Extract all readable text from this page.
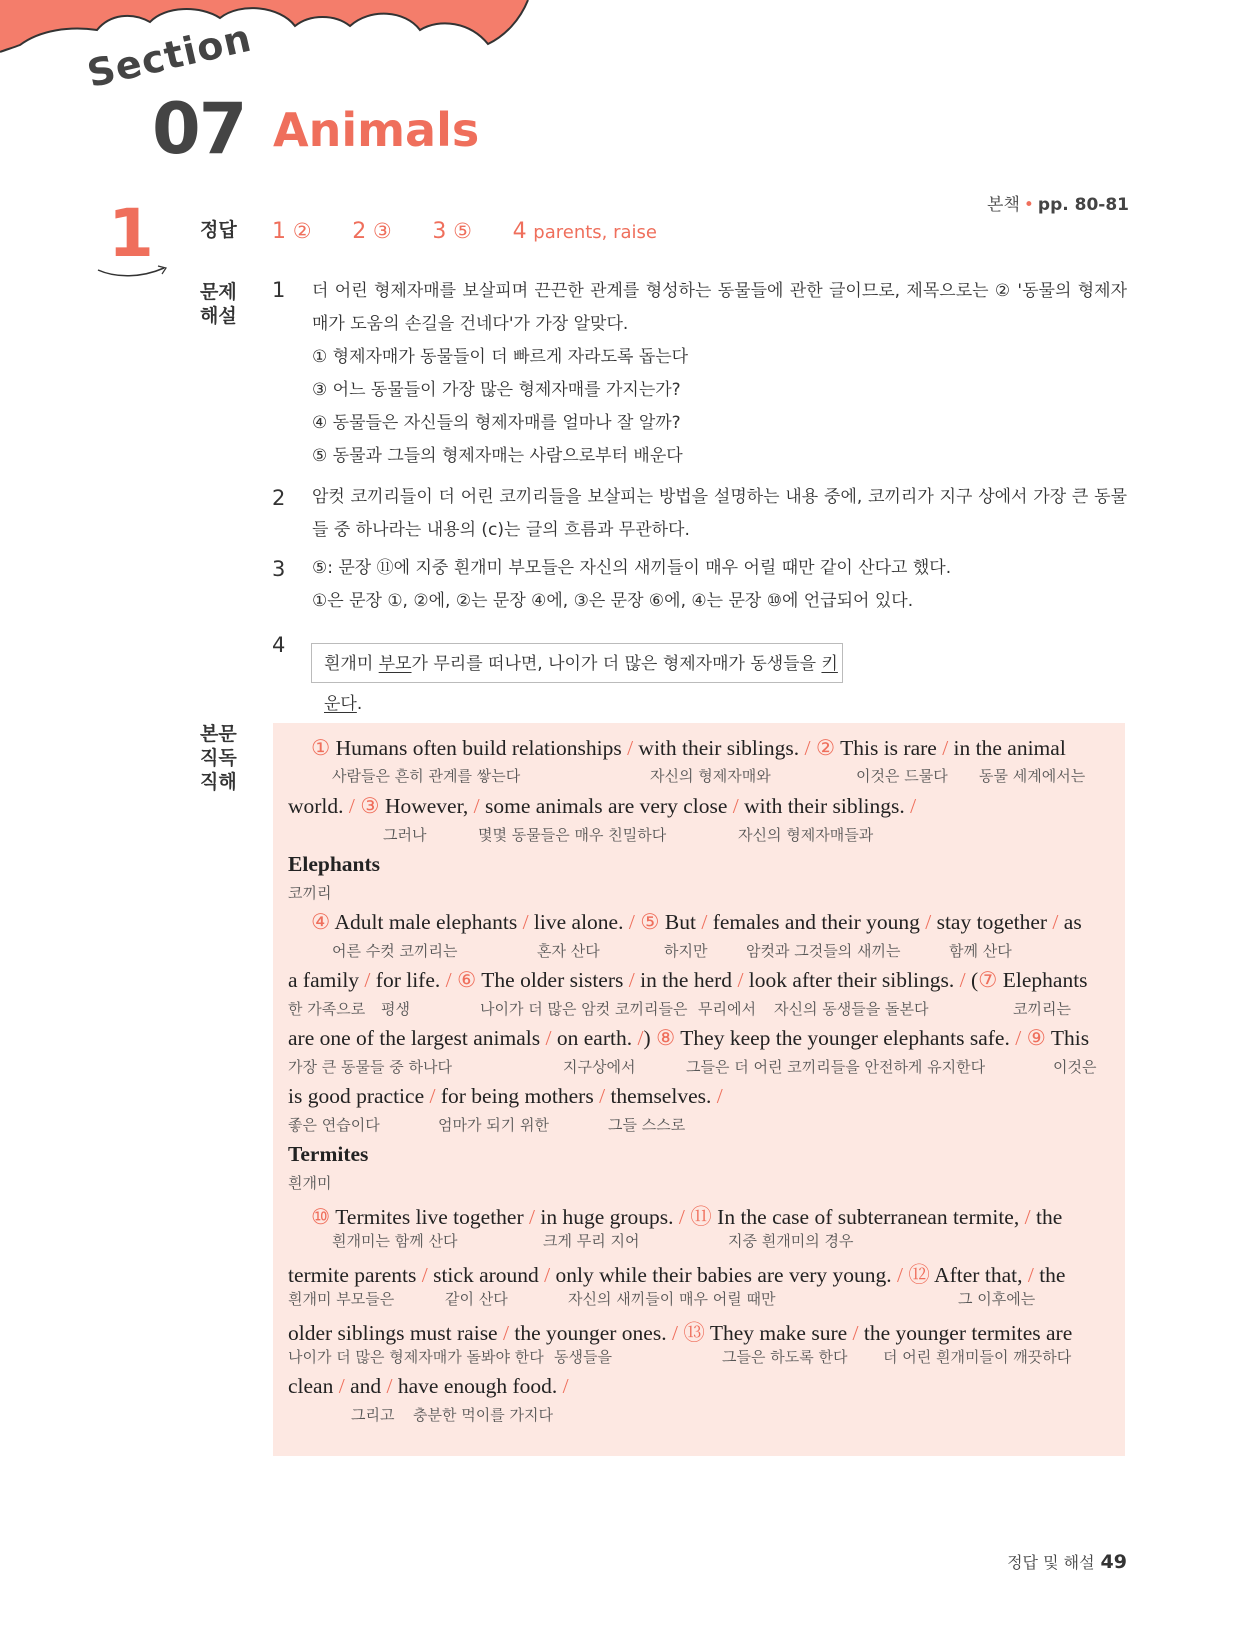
Section
07 Animals
본책 • pp. 80-81
1 정답 1 ② 2 ③ 3 ⑤ 4 parents, raise
문제
해설
1 더 어린 형제자매를 보살피며 끈끈한 관계를 형성하는 동물들에 관한 글이므로, 제목으로는 ② '동물의 형제자매가 도움의 손길을 건네다'가 가장 알맞다.
① 형제자매가 동물들이 더 빠르게 자라도록 돕는다
③ 어느 동물들이 가장 많은 형제자매를 가지는가?
④ 동물들은 자신들의 형제자매를 얼마나 잘 알까?
⑤ 동물과 그들의 형제자매는 사람으로부터 배운다
2 암컷 코끼리들이 더 어린 코끼리들을 보살피는 방법을 설명하는 내용 중에, 코끼리가 지구 상에서 가장 큰 동물들 중 하나라는 내용의 (c)는 글의 흐름과 무관하다.
3 ⑤: 문장 ⑪에 지중 흰개미 부모들은 자신의 새끼들이 매우 어릴 때만 같이 산다고 했다.
①은 문장 ①, ②에, ②는 문장 ④에, ③은 문장 ⑥에, ④는 문장 ⑩에 언급되어 있다.
4
흰개미 부모가 무리를 떠나면, 나이가 더 많은 형제자매가 동생들을 키운다.
본문
직독
직해
① Humans often build relationships / with their siblings. / ② This is rare / in the animal
사람들은 흔히 관계를 쌓는다	자신의 형제자매와	이것은 드물다 동물 세계에서는
world. / ③ However, / some animals are very close / with their siblings. /
그러나	몇몇 동물들은 매우 친밀하다	자신의 형제자매들과
Elephants
코끼리
④ Adult male elephants / live alone. / ⑤ But / females and their young / stay together / as
어른 수컷 코끼리는	혼자 산다	하지만	암컷과 그것들의 새끼는	함께 산다
a family / for life. / ⑥ The older sisters / in the herd / look after their siblings. / (⑦ Elephants
한 가족으로 평생	나이가 더 많은 암컷 코끼리들은 무리에서 자신의 동생들을 돌본다	코끼리는
are one of the largest animals / on earth. /) ⑧ They keep the younger elephants safe. / ⑨ This
가장 큰 동물들 중 하나다	지구상에서	그들은 더 어린 코끼리들을 안전하게 유지한다	이것은
is good practice / for being mothers / themselves. /
좋은 연습이다	엄마가 되기 위한	그들 스스로
Termites
흰개미
⑩ Termites live together / in huge groups. / ⑪ In the case of subterranean termite, / the
흰개미는 함께 산다	크게 무리 지어	지중 흰개미의 경우
termite parents / stick around / only while their babies are very young. / ⑫ After that, / the
흰개미 부모들은	같이 산다	자신의 새끼들이 매우 어릴 때만	그 이후에는
older siblings must raise / the younger ones. / ⑬ They make sure / the younger termites are
나이가 더 많은 형제자매가 돌봐야 한다 동생들을	그들은 하도록 한다 더 어린 흰개미들이 깨끗하다
clean / and / have enough food. /
그리고 충분한 먹이를 가지다
정답 및 해설 49
